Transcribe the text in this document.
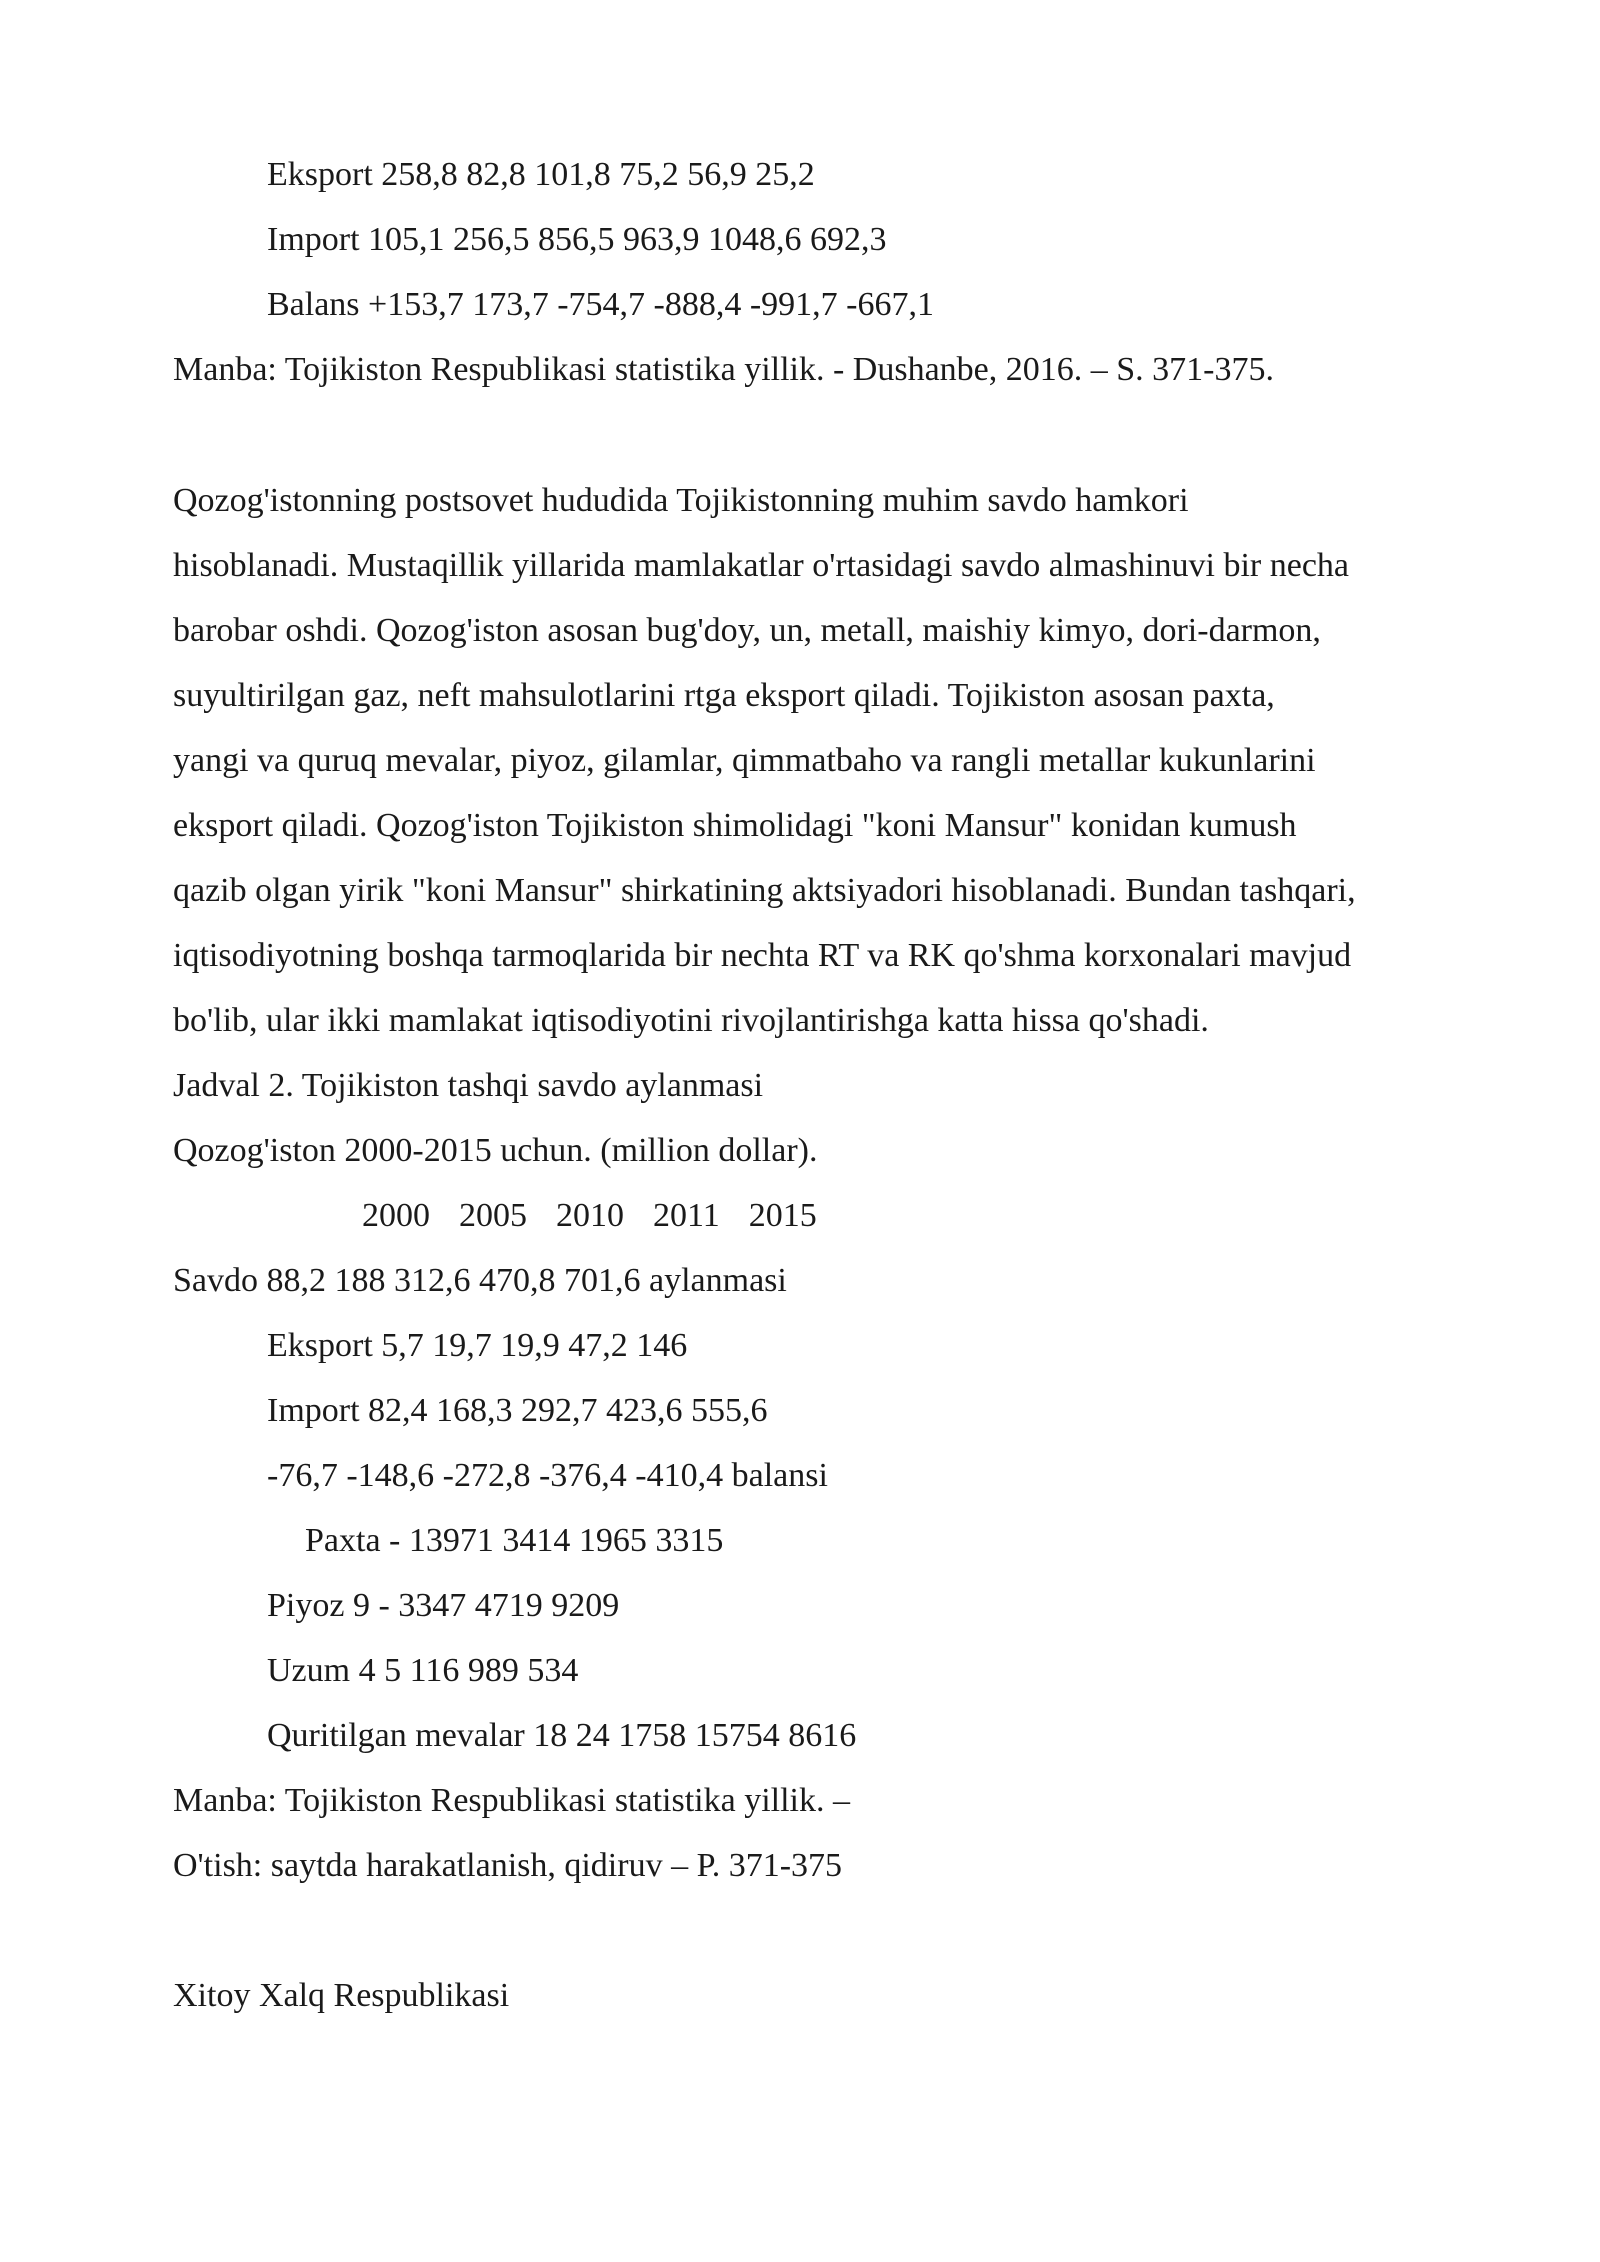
Eksport 258,8 82,8 101,8 75,2 56,9 25,2
Import 105,1 256,5 856,5 963,9 1048,6 692,3
Balans +153,7 173,7 -754,7 -888,4 -991,7 -667,1
Manba: Tojikiston Respublikasi statistika yillik. - Dushanbe, 2016. – S. 371-375.
Qozog'istonning postsovet hududida Tojikistonning muhim savdo hamkori
hisoblanadi. Mustaqillik yillarida mamlakatlar o'rtasidagi savdo almashinuvi bir necha
barobar oshdi. Qozog'iston asosan bug'doy, un, metall, maishiy kimyo, dori-darmon,
suyultirilgan gaz, neft mahsulotlarini rtga eksport qiladi. Tojikiston asosan paxta,
yangi va quruq mevalar, piyoz, gilamlar, qimmatbaho va rangli metallar kukunlarini
eksport qiladi. Qozog'iston Tojikiston shimolidagi "koni Mansur" konidan kumush
qazib olgan yirik "koni Mansur" shirkatining aktsiyadori hisoblanadi. Bundan tashqari,
iqtisodiyotning boshqa tarmoqlarida bir nechta RT va RK qo'shma korxonalari mavjud
bo'lib, ular ikki mamlakat iqtisodiyotini rivojlantirishga katta hissa qo'shadi.
Jadval 2. Tojikiston tashqi savdo aylanmasi
Qozog'iston 2000-2015 uchun. (million dollar).
2000  2005  2010  2011  2015
Savdo 88,2 188 312,6 470,8 701,6 aylanmasi
Eksport 5,7 19,7 19,9 47,2 146
Import 82,4 168,3 292,7 423,6 555,6
-76,7 -148,6 -272,8 -376,4 -410,4 balansi
Paxta - 13971 3414 1965 3315
Piyoz 9 - 3347 4719 9209
Uzum 4 5 116 989 534
Quritilgan mevalar 18 24 1758 15754 8616
Manba: Tojikiston Respublikasi statistika yillik. –
O'tish: saytda harakatlanish, qidiruv – P. 371-375
Xitoy Xalq Respublikasi
